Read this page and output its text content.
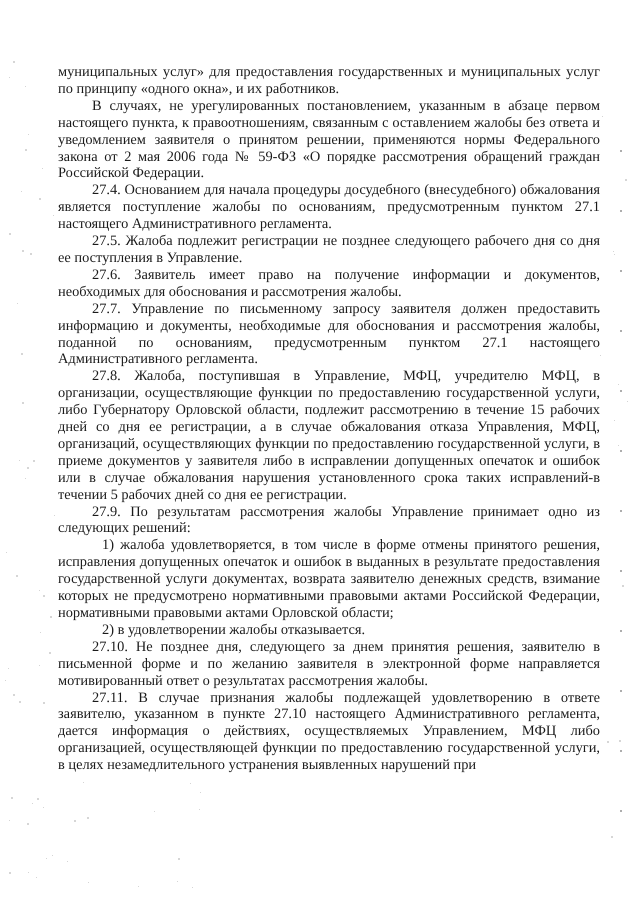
муниципальных услуг» для предоставления государственных и муниципальных услуг по принципу «одного окна», и их работников.

В случаях, не урегулированных постановлением, указанным в абзаце первом настоящего пункта, к правоотношениям, связанным с оставлением жалобы без ответа и уведомлением заявителя о принятом решении, применяются нормы Федерального закона от 2 мая 2006 года № 59-ФЗ «О порядке рассмотрения обращений граждан Российской Федерации.

27.4. Основанием для начала процедуры досудебного (внесудебного) обжалования является поступление жалобы по основаниям, предусмотренным пунктом 27.1 настоящего Административного регламента.

27.5. Жалоба подлежит регистрации не позднее следующего рабочего дня со дня ее поступления в Управление.

27.6. Заявитель имеет право на получение информации и документов, необходимых для обоснования и рассмотрения жалобы.

27.7. Управление по письменному запросу заявителя должен предоставить информацию и документы, необходимые для обоснования и рассмотрения жалобы, поданной по основаниям, предусмотренным пунктом 27.1 настоящего Административного регламента.

27.8. Жалоба, поступившая в Управление, МФЦ, учредителю МФЦ, в организации, осуществляющие функции по предоставлению государственной услуги, либо Губернатору Орловской области, подлежит рассмотрению в течение 15 рабочих дней со дня ее регистрации, а в случае обжалования отказа Управления, МФЦ, организаций, осуществляющих функции по предоставлению государственной услуги, в приеме документов у заявителя либо в исправлении допущенных опечаток и ошибок или в случае обжалования нарушения установленного срока таких исправлений-в течении 5 рабочих дней со дня ее регистрации.

27.9. По результатам рассмотрения жалобы Управление принимает одно из следующих решений:

1) жалоба удовлетворяется, в том числе в форме отмены принятого решения, исправления допущенных опечаток и ошибок в выданных в результате предоставления государственной услуги документах, возврата заявителю денежных средств, взимание которых не предусмотрено нормативными правовыми актами Российской Федерации, нормативными правовыми актами Орловской области;

2) в удовлетворении жалобы отказывается.

27.10. Не позднее дня, следующего за днем принятия решения, заявителю в письменной форме и по желанию заявителя в электронной форме направляется мотивированный ответ о результатах рассмотрения жалобы.

27.11. В случае признания жалобы подлежащей удовлетворению в ответе заявителю, указанном в пункте 27.10 настоящего Административного регламента, дается информация о действиях, осуществляемых Управлением, МФЦ либо организацией, осуществляющей функции по предоставлению государственной услуги, в целях незамедлительного устранения выявленных нарушений при
